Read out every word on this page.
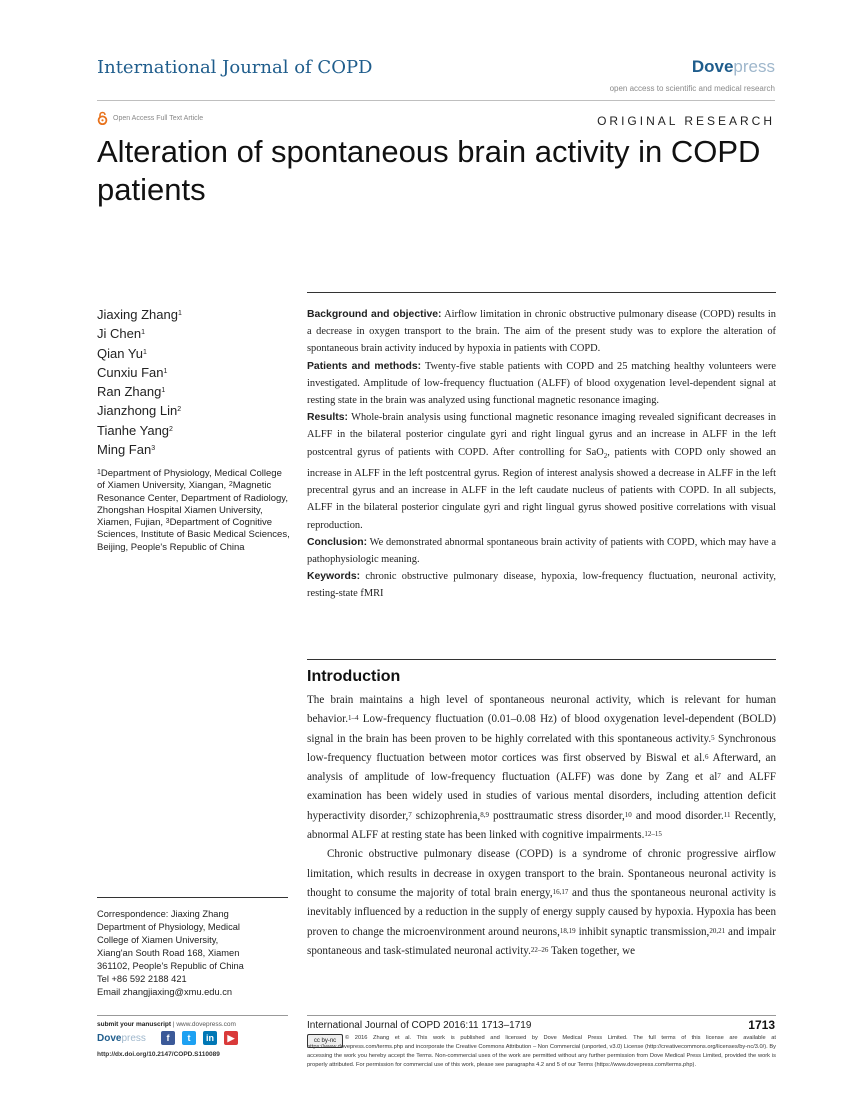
International Journal of COPD	Dovepress
open access to scientific and medical research
Open Access Full Text Article	ORIGINAL RESEARCH
Alteration of spontaneous brain activity in COPD patients
Jiaxing Zhang$^1$
Ji Chen$^1$
Qian Yu$^1$
Cunxiu Fan$^1$
Ran Zhang$^1$
Jianzhong Lin$^2$
Tianhe Yang$^2$
Ming Fan$^3$
$^1$Department of Physiology, Medical College of Xiamen University, Xiangan, $^2$Magnetic Resonance Center, Department of Radiology, Zhongshan Hospital Xiamen University, Xiamen, Fujian, $^3$Department of Cognitive Sciences, Institute of Basic Medical Sciences, Beijing, People's Republic of China

Background and objective: Airflow limitation in chronic obstructive pulmonary disease (COPD) results in a decrease in oxygen transport to the brain. The aim of the present study was to explore the alteration of spontaneous brain activity induced by hypoxia in patients with COPD.

Patients and methods: Twenty-five stable patients with COPD and 25 matching healthy volunteers were investigated. Amplitude of low-frequency fluctuation (ALFF) of blood oxygenation level-dependent signal at resting state in the brain was analyzed using functional magnetic resonance imaging.

Results: Whole-brain analysis using functional magnetic resonance imaging revealed significant decreases in ALFF in the bilateral posterior cingulate gyri and right lingual gyrus and an increase in ALFF in the left postcentral gyrus of patients with COPD. After controlling for SaO$_2$, patients with COPD only showed an increase in ALFF in the left postcentral gyrus. Region of interest analysis showed a decrease in ALFF in the left precentral gyrus and an increase in ALFF in the left caudate nucleus of patients with COPD. In all subjects, ALFF in the bilateral posterior cingulate gyri and right lingual gyrus showed positive correlations with visual reproduction.

Conclusion: We demonstrated abnormal spontaneous brain activity of patients with COPD, which may have a pathophysiologic meaning.

Keywords: chronic obstructive pulmonary disease, hypoxia, low-frequency fluctuation, neuronal activity, resting-state fMRI

Introduction

The brain maintains a high level of spontaneous neuronal activity, which is relevant for human behavior.$^{1-4}$ Low-frequency fluctuation (0.01–0.08 Hz) of blood oxygenation level-dependent (BOLD) signal in the brain has been proven to be highly correlated with this spontaneous activity.$^5$ Synchronous low-frequency fluctuation between motor cortices was first observed by Biswal et al.$^6$ Afterward, an analysis of amplitude of low-frequency fluctuation (ALFF) was done by Zang et $al^7$ and ALFF examination has been widely used in studies of various mental disorders, including attention deficit hyperactivity disorder,$^7$ schizophrenia,$^{8,9}$ posttraumatic stress disorder,$^{10}$ and mood disorder.$^{11}$ Recently, abnormal ALFF at resting state has been linked with cognitive impairments.$^{12-15}$

Chronic obstructive pulmonary disease (COPD) is a syndrome of chronic progressive airflow limitation, which results in decrease in oxygen transport to the brain. Spontaneous neuronal activity is thought to consume the majority of total brain energy,$^{16,17}$ and thus the spontaneous neuronal activity is inevitably influenced by a reduction in the supply of energy supply caused by hypoxia. Hypoxia has been proven to change the microenvironment around neurons,$^{18,19}$ inhibit synaptic transmission,$^{20,21}$ and impair spontaneous and task-stimulated neuronal activity.$^{22-26}$ Taken together, we

Correspondence: Jiaxing Zhang
Department of Physiology, Medical
College of Xiamen University,
Xiang'an South Road 168, Xiamen
361102, People's Republic of China
Tel +86 592 2188 421
Email zhangjiaxing@xmu.edu.cn
submit your manuscript | www.dovepress.com
Dovepress	f	t	in	▶
http://dx.doi.org/10.2147/COPD.S110089
International Journal of COPD 2016:11 1713–1719	1713
cc by-nc	© 2016 Zhang et al. This work is published and licensed by Dove Medical Press Limited. The full terms of this license are available at https://www.dovepress.com/terms.php and incorporate the Creative Commons Attribution – Non Commercial (unported, v3.0) License (http://creativecommons.org/licenses/by-nc/3.0/). By accessing the work you hereby accept the Terms. Non-commercial uses of the work are permitted without any further permission from Dove Medical Press Limited, provided the work is properly attributed. For permission for commercial use of this work, please see paragraphs 4.2 and 5 of our Terms (https://www.dovepress.com/terms.php).
